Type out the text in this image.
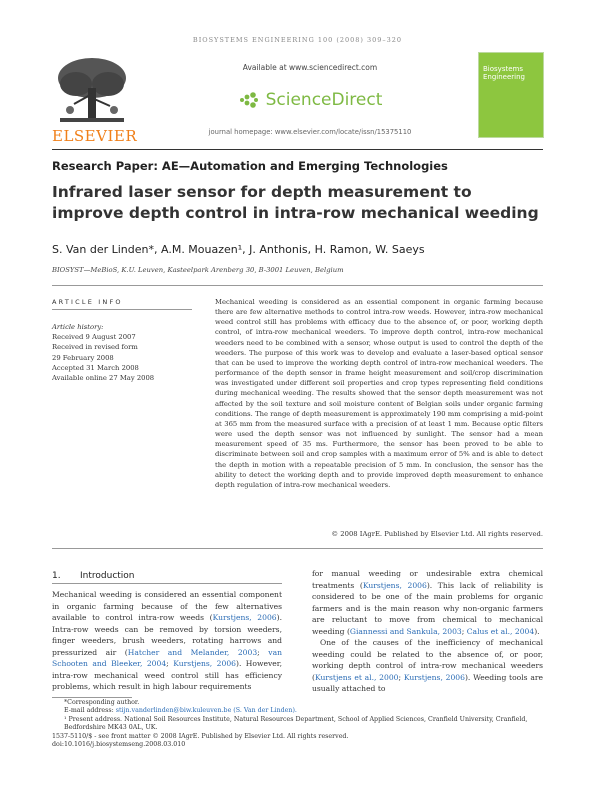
BIOSYSTEMS ENGINEERING 100 (2008) 309–320
ELSEVIER
Available at www.sciencedirect.com
ScienceDirect
journal homepage: www.elsevier.com/locate/issn/15375110
Biosystems Engineering
Research Paper: AE—Automation and Emerging Technologies
Infrared laser sensor for depth measurement to improve depth control in intra-row mechanical weeding
S. Van der Linden*, A.M. Mouazen¹, J. Anthonis, H. Ramon, W. Saeys
BIOSYST—MeBioS, K.U. Leuven, Kasteelpark Arenberg 30, B-3001 Leuven, Belgium
ARTICLE INFO
Article history:
Received 9 August 2007
Received in revised form
29 February 2008
Accepted 31 March 2008
Available online 27 May 2008
Mechanical weeding is considered as an essential component in organic farming because there are few alternative methods to control intra-row weeds. However, intra-row mechanical weed control still has problems with efficacy due to the absence of, or poor, working depth control, of intra-row mechanical weeders. To improve depth control, intra-row mechanical weeders need to be combined with a sensor, whose output is used to control the depth of the weeders. The purpose of this work was to develop and evaluate a laser-based optical sensor that can be used to improve the working depth control of intra-row mechanical weeders. The performance of the depth sensor in frame height measurement and soil/crop discrimination was investigated under different soil properties and crop types representing field conditions during mechanical weeding. The results showed that the sensor depth measurement was not affected by the soil texture and soil moisture content of Belgian soils under organic farming conditions. The range of depth measurement is approximately 190 mm comprising a mid-point at 365 mm from the measured surface with a precision of at least 1 mm. Because optic filters were used the depth sensor was not influenced by sunlight. The sensor had a mean measurement speed of 35 ms. Furthermore, the sensor has been proved to be able to discriminate between soil and crop samples with a maximum error of 5% and is able to detect the depth in motion with a repeatable precision of 5 mm. In conclusion, the sensor has the ability to detect the working depth and to provide improved depth measurement to enhance depth regulation of intra-row mechanical weeders.
© 2008 IAgrE. Published by Elsevier Ltd. All rights reserved.
1. Introduction

Mechanical weeding is considered an essential component in organic farming because of the few alternatives available to control intra-row weeds (Kurstjens, 2006). Intra-row weeds can be removed by torsion weeders, finger weeders, brush weeders, rotating harrows and pressurized air (Hatcher and Melander, 2003; van Schooten and Bleeker, 2004; Kurstjens, 2006). However, intra-row mechanical weed control still has efficiency problems, which result in high labour requirements

for manual weeding or undesirable extra chemical treatments (Kurstjens, 2006). This lack of reliability is considered to be one of the main problems for organic farmers and is the main reason why non-organic farmers are reluctant to move from chemical to mechanical weeding (Giannessi and Sankula, 2003; Calus et al., 2004).

One of the causes of the inefficiency of mechanical weeding could be related to the absence of, or poor, working depth control of intra-row mechanical weeders (Kurstjens et al., 2000; Kurstjens, 2006). Weeding tools are usually attached to

*Corresponding author.

E-mail address: stijn.vanderlinden@biw.kuleuven.be (S. Van der Linden).

¹ Present address. National Soil Resources Institute, Natural Resources Department, School of Applied Sciences, Cranfield University, Cranfield, Bedfordshire MK43 0AL, UK.

1537-5110/$ - see front matter © 2008 IAgrE. Published by Elsevier Ltd. All rights reserved.

doi:10.1016/j.biosystemseng.2008.03.010
